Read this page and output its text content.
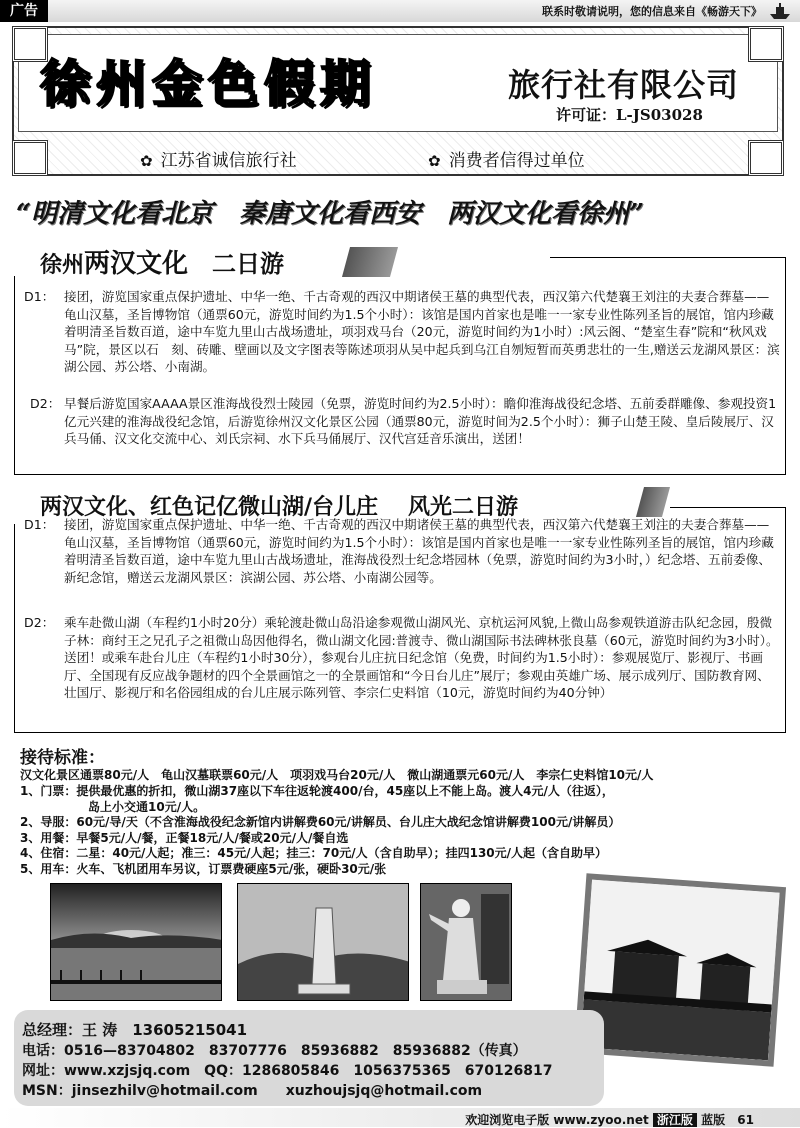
广告	联系时敬请说明，您的信息来自《畅游天下》
徐州金色假期	旅行社有限公司
许可证：L-JS03028
✿ 江苏省诚信旅行社	✿ 消费者信得过单位
“明清文化看北京　秦唐文化看西安　两汉文化看徐州”
徐州两汉文化 二日游
D1： 接团，游览国家重点保护遗址、中华一绝、千古奇观的西汉中期诸侯王墓的典型代表，西汉第六代楚襄王刘注的夫妻合葬墓——龟山汉墓，圣旨博物馆（通票60元，游览时间约为1.5个小时）：该馆是国内首家也是唯一一家专业性陈列圣旨的展馆，馆内珍藏着明清圣旨数百道，途中车览九里山古战场遗址，项羽戏马台（20元，游览时间约为1小时）:风云阁、“楚室生春”院和“秋风戏马”院，景区以石　刻、砖雕、壁画以及文字图表等陈述项羽从吴中起兵到乌江自刎短暂而英勇悲壮的一生,赠送云龙湖风景区：滨湖公园、苏公塔、小南湖。
D2： 早餐后游览国家AAAA景区淮海战役烈士陵园（免票，游览时间约为2.5小时）：瞻仰淮海战役纪念塔、五前委群雕像、参观投资1亿元兴建的淮海战役纪念馆，后游览徐州汉文化景区公园（通票80元，游览时间为2.5个小时）：狮子山楚王陵、皇后陵展厅、汉兵马俑、汉文化交流中心、刘氏宗祠、水下兵马俑展厅、汉代宫廷音乐演出，送团！
两汉文化、红色记亿微山湖/台儿庄 风光二日游
D1： 接团，游览国家重点保护遗址、中华一绝、千古奇观的西汉中期诸侯王墓的典型代表，西汉第六代楚襄王刘注的夫妻合葬墓——龟山汉墓，圣旨博物馆（通票60元，游览时间约为1.5个小时）：该馆是国内首家也是唯一一家专业性陈列圣旨的展馆，馆内珍藏着明清圣旨数百道，途中车览九里山古战场遗址，淮海战役烈士纪念塔园林（免票，游览时间约为3小时，）纪念塔、五前委像、新纪念馆，赠送云龙湖风景区：滨湖公园、苏公塔、小南湖公园等。
D2： 乘车赴微山湖（车程约1小时20分）乘轮渡赴微山岛沿途参观微山湖风光、京杭运河风貌,上微山岛参观铁道游击队纪念园，殷微子林：商纣王之兄孔子之祖微山岛因他得名，微山湖文化园:普渡寺、微山湖国际书法碑林张良墓（60元，游览时间约为3小时）。送团！或乘车赴台儿庄（车程约1小时30分），参观台儿庄抗日纪念馆（免费，时间约为1.5小时）：参观展览厅、影视厅、书画厅、全国现有反应战争题材的四个全景画馆之一的全景画馆和“今日台儿庄”展厅；参观由英雄广场、展示成列厅、国防教育网、壮国厅、影视厅和名俗园组成的台儿庄展示陈列管、李宗仁史料馆（10元，游览时间约为40分钟）
接待标准：
汉文化景区通票80元/人　龟山汉墓联票60元/人　项羽戏马台20元/人　微山湖通票元60元/人　李宗仁史料馆10元/人
1、门票：提供最优惠的折扣，微山湖37座以下车往返轮渡400/台，45座以上不能上岛。渡人4元/人（往返），
岛上小交通10元/人。
2、导服：60元/导/天（不含淮海战役纪念新馆内讲解费60元/讲解员、台儿庄大战纪念馆讲解费100元/讲解员）
3、用餐：早餐5元/人/餐，正餐18元/人/餐或20元/人/餐自选
4、住宿：二星：40元/人起；准三：45元/人起；挂三：70元/人（含自助早）；挂四130元/人起（含自助早）
5、用车：火车、飞机团用车另议，订票费硬座5元/张，硬卧30元/张
总经理：王 涛　13605215041
电话：0516—83704802　83707776　85936882　85936882（传真）
网址：www.xzjsjq.com　QQ：1286805846　1056375365　670126817
MSN：jinsezhilv@hotmail.com　　xuzhoujsjq@hotmail.com
欢迎浏览电子版 www.zyoo.net 浙江版 蓝版 61
